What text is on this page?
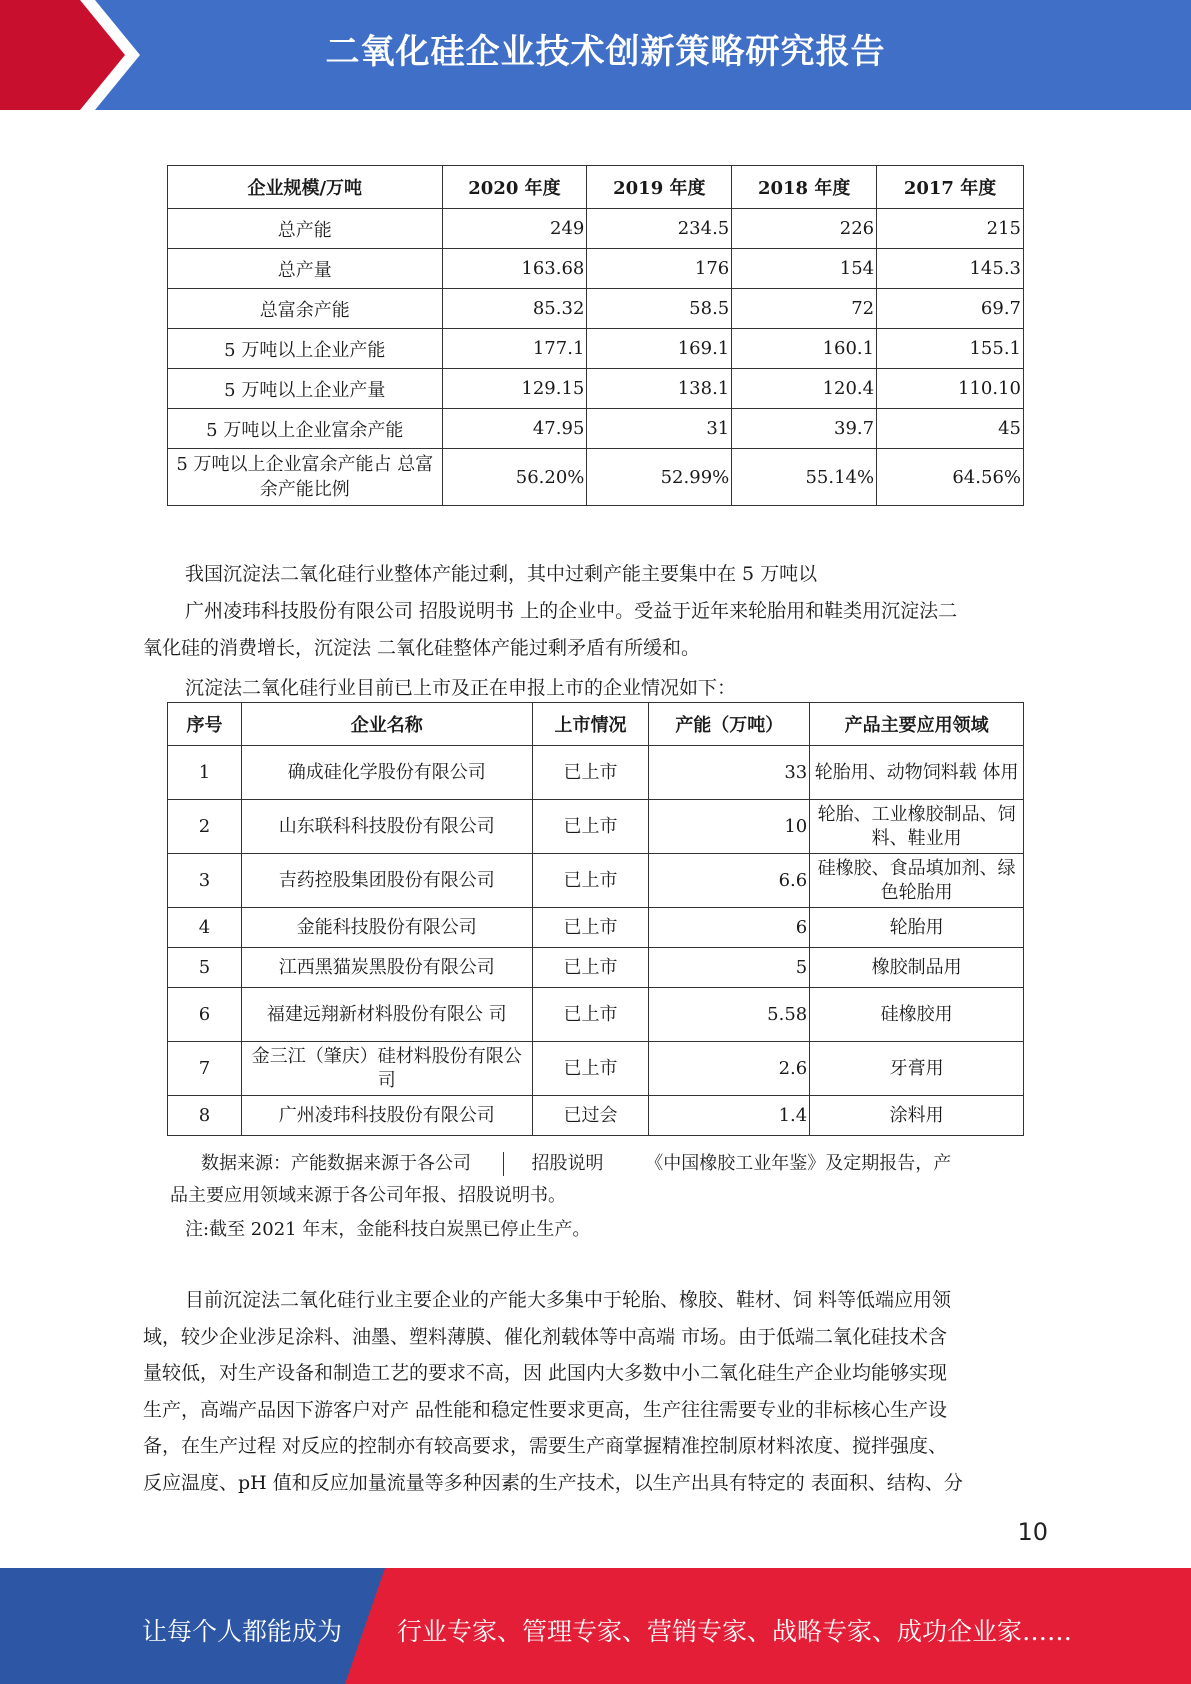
二氧化硅企业技术创新策略研究报告
企业规模/万吨	2020 年度	2019 年度	2018 年度	2017 年度
总产能	249	234.5	226	215
总产量	163.68	176	154	145.3
总富余产能	85.32	58.5	72	69.7
5 万吨以上企业产能	177.1	169.1	160.1	155.1
5 万吨以上企业产量	129.15	138.1	120.4	110.10
5 万吨以上企业富余产能	47.95	31	39.7	45
5 万吨以上企业富余产能占 总富余产能比例	56.20%	52.99%	55.14%	64.56%
我国沉淀法二氧化硅行业整体产能过剩，其中过剩产能主要集中在 5 万吨以
广州凌玮科技股份有限公司 招股说明书 上的企业中。受益于近年来轮胎用和鞋类用沉淀法二
氧化硅的消费增长，沉淀法 二氧化硅整体产能过剩矛盾有所缓和。
沉淀法二氧化硅行业目前已上市及正在申报上市的企业情况如下：
序号	企业名称	上市情况	产能（万吨）	产品主要应用领域
1	确成硅化学股份有限公司	已上市	33	轮胎用、动物饲料载 体用
2	山东联科科技股份有限公司	已上市	10	轮胎、工业橡胶制品、饲料、鞋业用
3	吉药控股集团股份有限公司	已上市	6.6	硅橡胶、食品填加剂、绿色轮胎用
4	金能科技股份有限公司	已上市	6	轮胎用
5	江西黑猫炭黑股份有限公司	已上市	5	橡胶制品用
6	福建远翔新材料股份有限公 司	已上市	5.58	硅橡胶用
7	金三江（肇庆）硅材料股份有限公司	已上市	2.6	牙膏用
8	广州凌玮科技股份有限公司	已过会	1.4	涂料用
数据来源：产能数据来源于各公司	招股说明 《中国橡胶工业年鉴》及定期报告，产
品主要应用领域来源于各公司年报、招股说明书。
注:截至 2021 年末，金能科技白炭黑已停止生产。
目前沉淀法二氧化硅行业主要企业的产能大多集中于轮胎、橡胶、鞋材、饲 料等低端应用领
域，较少企业涉足涂料、油墨、塑料薄膜、催化剂载体等中高端 市场。由于低端二氧化硅技术含
量较低，对生产设备和制造工艺的要求不高，因 此国内大多数中小二氧化硅生产企业均能够实现
生产，高端产品因下游客户对产 品性能和稳定性要求更高，生产往往需要专业的非标核心生产设
备，在生产过程 对反应的控制亦有较高要求，需要生产商掌握精准控制原材料浓度、搅拌强度、
反应温度、pH 值和反应加量流量等多种因素的生产技术，以生产出具有特定的 表面积、结构、分
10
让每个人都能成为 行业专家、管理专家、营销专家、战略专家、成功企业家……
